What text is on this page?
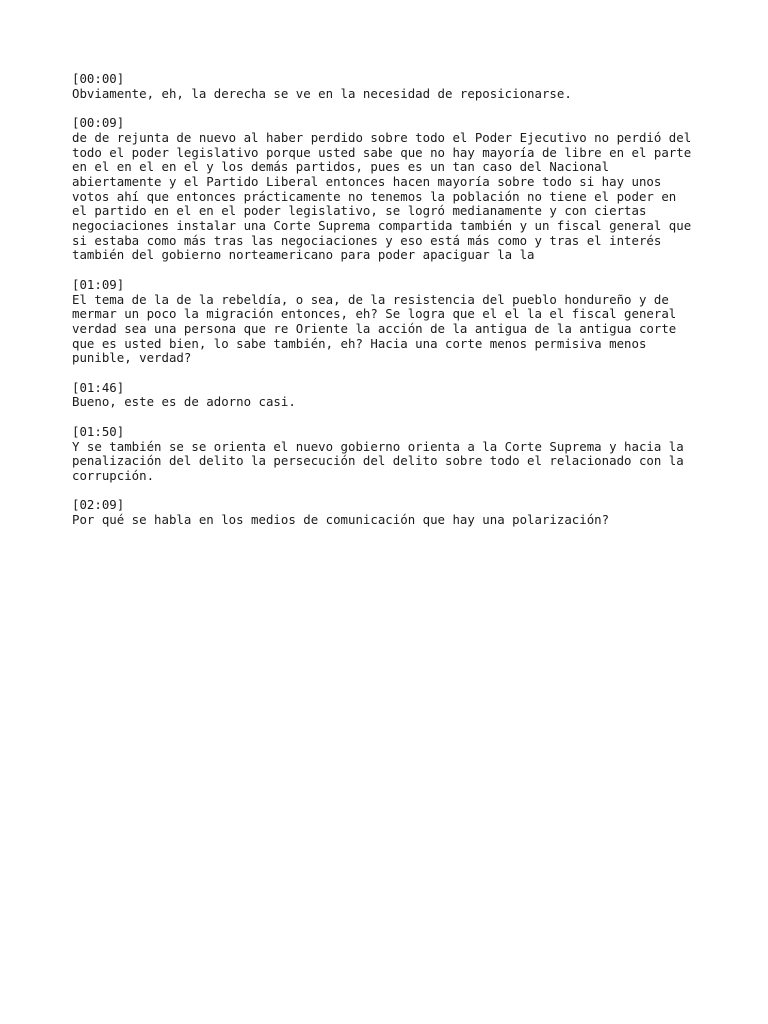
[00:00]
Obviamente, eh, la derecha se ve en la necesidad de reposicionarse.
[00:09]
de de rejunta de nuevo al haber perdido sobre todo el Poder Ejecutivo no perdió del
todo el poder legislativo porque usted sabe que no hay mayoría de libre en el parte
en el en el en el y los demás partidos, pues es un tan caso del Nacional
abiertamente y el Partido Liberal entonces hacen mayoría sobre todo si hay unos
votos ahí que entonces prácticamente no tenemos la población no tiene el poder en
el partido en el en el poder legislativo, se logró medianamente y con ciertas
negociaciones instalar una Corte Suprema compartida también y un fiscal general que
si estaba como más tras las negociaciones y eso está más como y tras el interés
también del gobierno norteamericano para poder apaciguar la la
[01:09]
El tema de la de la rebeldía, o sea, de la resistencia del pueblo hondureño y de
mermar un poco la migración entonces, eh? Se logra que el el la el fiscal general
verdad sea una persona que re Oriente la acción de la antigua de la antigua corte
que es usted bien, lo sabe también, eh? Hacia una corte menos permisiva menos
punible, verdad?
[01:46]
Bueno, este es de adorno casi.
[01:50]
Y se también se se orienta el nuevo gobierno orienta a la Corte Suprema y hacia la
penalización del delito la persecución del delito sobre todo el relacionado con la
corrupción.
[02:09]
Por qué se habla en los medios de comunicación que hay una polarización?
